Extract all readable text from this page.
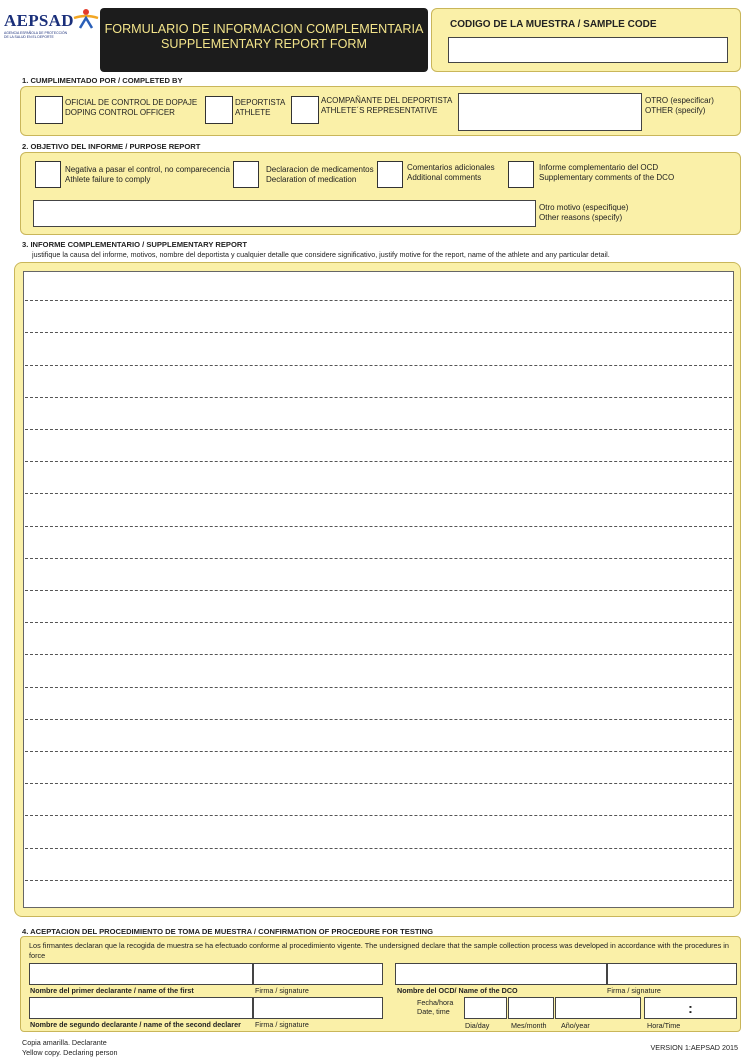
AEPSAD
AGENCIA ESPAÑOLA DE PROTECCIÓN
DE LA SALUD EN EL DEPORTE
FORMULARIO DE INFORMACION COMPLEMENTARIA
SUPPLEMENTARY REPORT FORM
CODIGO DE LA MUESTRA / SAMPLE CODE
1. CUMPLIMENTADO POR / COMPLETED BY
OFICIAL DE CONTROL DE DOPAJE
DOPING CONTROL OFFICER
DEPORTISTA
ATHLETE
ACOMPAÑANTE DEL DEPORTISTA
ATHLETE´S REPRESENTATIVE
OTRO (especificar)
OTHER (specify)
2. OBJETIVO DEL INFORME / PURPOSE REPORT
Negativa a pasar el control, no comparecencia
Athlete failure to comply
Declaracion de medicamentos
Declaration of medication
Comentarios adicionales
Additional comments
Informe complementario del OCD
Supplementary comments of the DCO
Otro motivo (especifique)
Other reasons (specify)
3. INFORME COMPLEMENTARIO / SUPPLEMENTARY REPORT
justifique la causa del informe, motivos, nombre del deportista y cualquier detalle que considere significativo, justify motive for the report, name of the athlete and any particular detail.
4. ACEPTACION DEL PROCEDIMIENTO DE TOMA DE MUESTRA / CONFIRMATION OF PROCEDURE FOR TESTING
Los firmantes declaran que la recogida de muestra se ha efectuado conforme al procedimiento vigente. The undersigned declare that the sample collection process was developed in accordance with the procedures in force
Nombre del primer declarante / name of the first	Firma / signature
Nombre de segundo declarante / name of the second declarer Firma / signature
Nombre del OCD/ Name of the DCO	Firma / signature
Fecha/hora
Date, time	:
Dia/day	Mes/month Año/year	Hora/Time
Copia amarilla. Declarante
Yellow copy. Declaring person
VERSION 1:AEPSAD 2015
